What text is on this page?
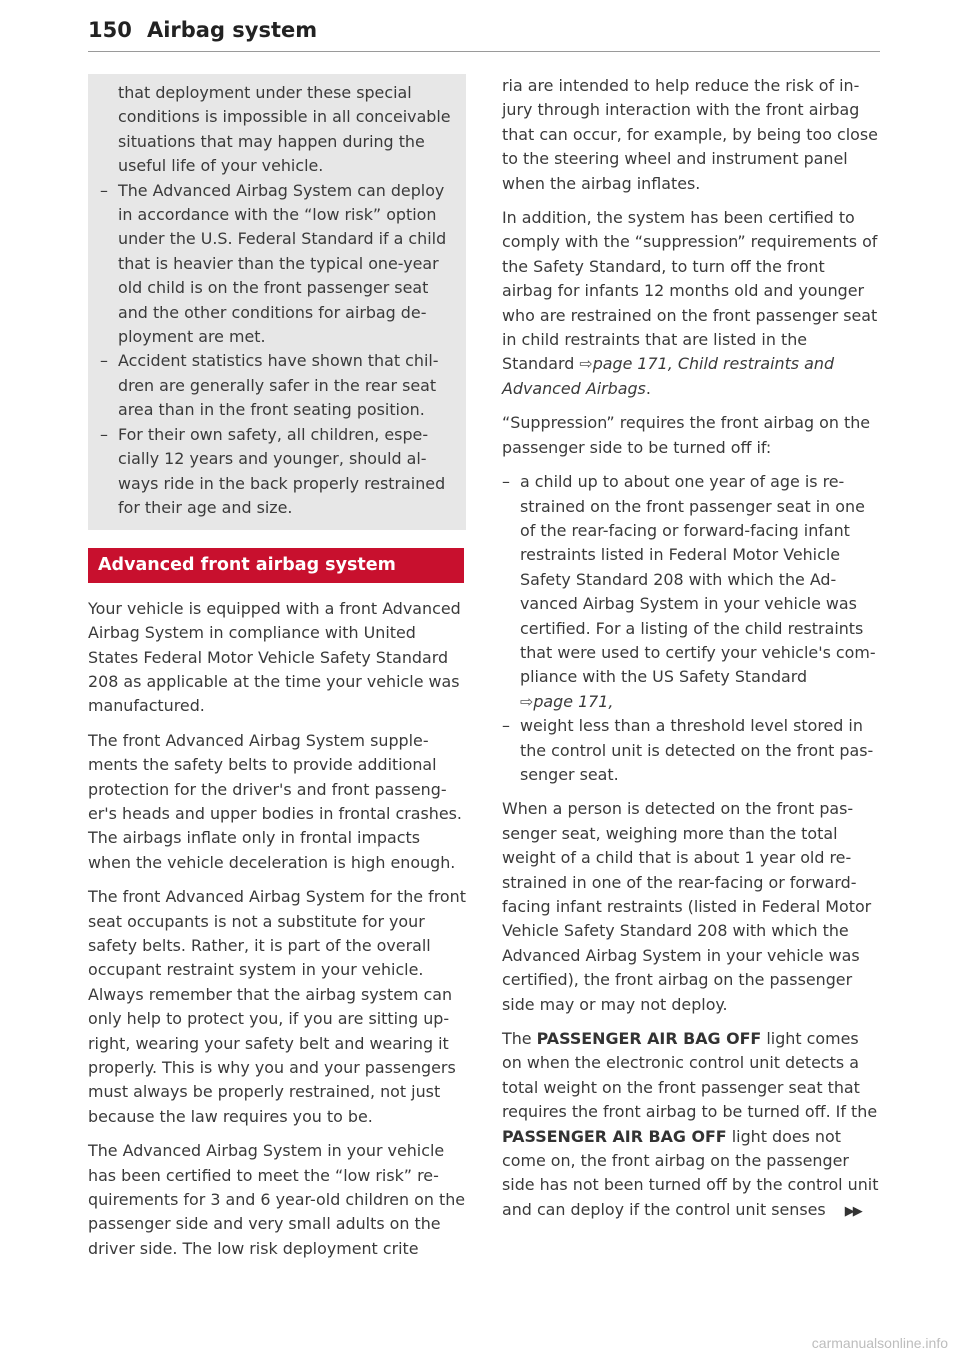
150 Airbag system
that deployment under these special conditions is impossible in all conceivable situations that may happen during the useful life of your vehicle.
– The Advanced Airbag System can deploy in accordance with the “low risk” option under the U.S. Federal Standard if a child that is heavier than the typical one-year old child is on the front passenger seat and the other conditions for airbag deployment are met.
– Accident statistics have shown that children are generally safer in the rear seat area than in the front seating position.
– For their own safety, all children, especially 12 years and younger, should always ride in the back properly restrained for their age and size.
Advanced front airbag system

Your vehicle is equipped with a front Advanced Airbag System in compliance with United States Federal Motor Vehicle Safety Standard 208 as applicable at the time your vehicle was manufactured.

The front Advanced Airbag System supplements the safety belts to provide additional protection for the driver's and front passenger's heads and upper bodies in frontal crashes. The airbags inflate only in frontal impacts when the vehicle deceleration is high enough.

The front Advanced Airbag System for the front seat occupants is not a substitute for your safety belts. Rather, it is part of the overall occupant restraint system in your vehicle. Always remember that the airbag system can only help to protect you, if you are sitting upright, wearing your safety belt and wearing it properly. This is why you and your passengers must always be properly restrained, not just because the law requires you to be.

The Advanced Airbag System in your vehicle has been certified to meet the “low risk” requirements for 3 and 6 year-old children on the passenger side and very small adults on the driver side. The low risk deployment crite

ria are intended to help reduce the risk of injury through interaction with the front airbag that can occur, for example, by being too close to the steering wheel and instrument panel when the airbag inflates.

In addition, the system has been certified to comply with the “suppression” requirements of the Safety Standard, to turn off the front airbag for infants 12 months old and younger who are restrained on the front passenger seat in child restraints that are listed in the Standard ⇨page 171, Child restraints and Advanced Airbags.

“Suppression” requires the front airbag on the passenger side to be turned off if:

– a child up to about one year of age is restrained on the front passenger seat in one of the rear-facing or forward-facing infant restraints listed in Federal Motor Vehicle Safety Standard 208 with which the Advanced Airbag System in your vehicle was certified. For a listing of the child restraints that were used to certify your vehicle's compliance with the US Safety Standard
⇨page 171,
– weight less than a threshold level stored in the control unit is detected on the front passenger seat.

When a person is detected on the front passenger seat, weighing more than the total weight of a child that is about 1 year old restrained in one of the rear-facing or forward-facing infant restraints (listed in Federal Motor Vehicle Safety Standard 208 with which the Advanced Airbag System in your vehicle was certified), the front airbag on the passenger side may or may not deploy.

The PASSENGER AIR BAG OFF light comes on when the electronic control unit detects a total weight on the front passenger seat that requires the front airbag to be turned off. If the PASSENGER AIR BAG OFF light does not come on, the front airbag on the passenger side has not been turned off by the control unit and can deploy if the control unit senses ▶▶

carmanualsonline.info
